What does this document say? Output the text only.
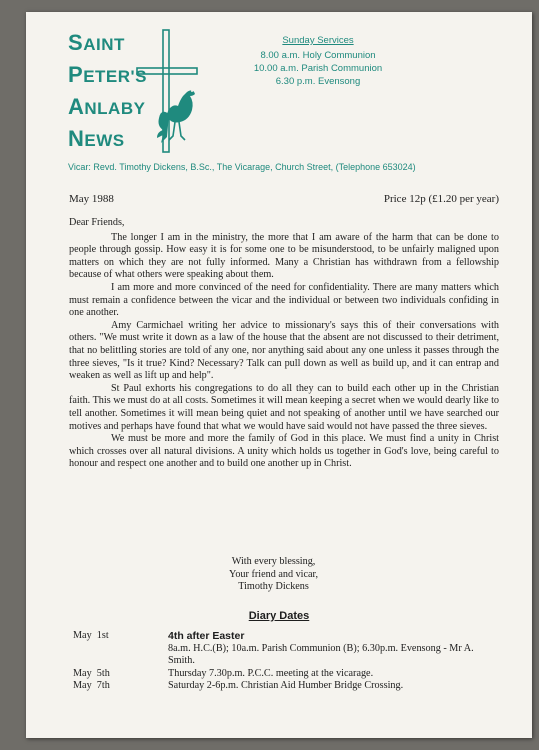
SAINT
PETER'S
ANLABY
NEWS
Sunday Services
8.00 a.m. Holy Communion
10.00 a.m. Parish Communion
6.30 p.m. Evensong
Vicar: Revd. Timothy Dickens, B.Sc., The Vicarage, Church Street, (Telephone 653024)
May 1988	Price 12p (£1.20 per year)

Dear Friends,

The longer I am in the ministry, the more that I am aware of the harm that can be done to people through gossip. How easy it is for some one to be misunderstood, to be unfairly maligned upon matters on which they are not fully informed. Many a Christian has withdrawn from a fellowship because of what others were speaking about them.

I am more and more convinced of the need for confidentiality. There are many matters which must remain a confidence between the vicar and the individual or between two individuals confiding in one another.

Amy Carmichael writing her advice to missionary's says this of their conversations with others. "We must write it down as a law of the house that the absent are not discussed to their detriment, that no belittling stories are told of any one, nor anything said about any one unless it passes through the three sieves, "Is it true? Kind? Necessary? Talk can pull down as well as build up, and it can entrap and weaken as well as lift up and help".

St Paul exhorts his congregations to do all they can to build each other up in the Christian faith. This we must do at all costs. Sometimes it will mean keeping a secret when we would dearly like to tell another. Sometimes it will mean being quiet and not speaking of another until we have searched our motives and perhaps have found that what we would have said would not have passed the three sieves.

We must be more and more the family of God in this place. We must find a unity in Christ which crosses over all natural divisions. A unity which holds us together in God's love, being careful to honour and respect one another and to build one another up in Christ.

With every blessing,
Your friend and vicar,
Timothy Dickens
Diary Dates
May  1st	4th after Easter
8a.m. H.C.(B); 10a.m. Parish Communion (B); 6.30p.m. Evensong - Mr A. Smith.
May  5th	Thursday 7.30p.m. P.C.C. meeting at the vicarage.
May  7th	Saturday 2-6p.m. Christian Aid Humber Bridge Crossing.
